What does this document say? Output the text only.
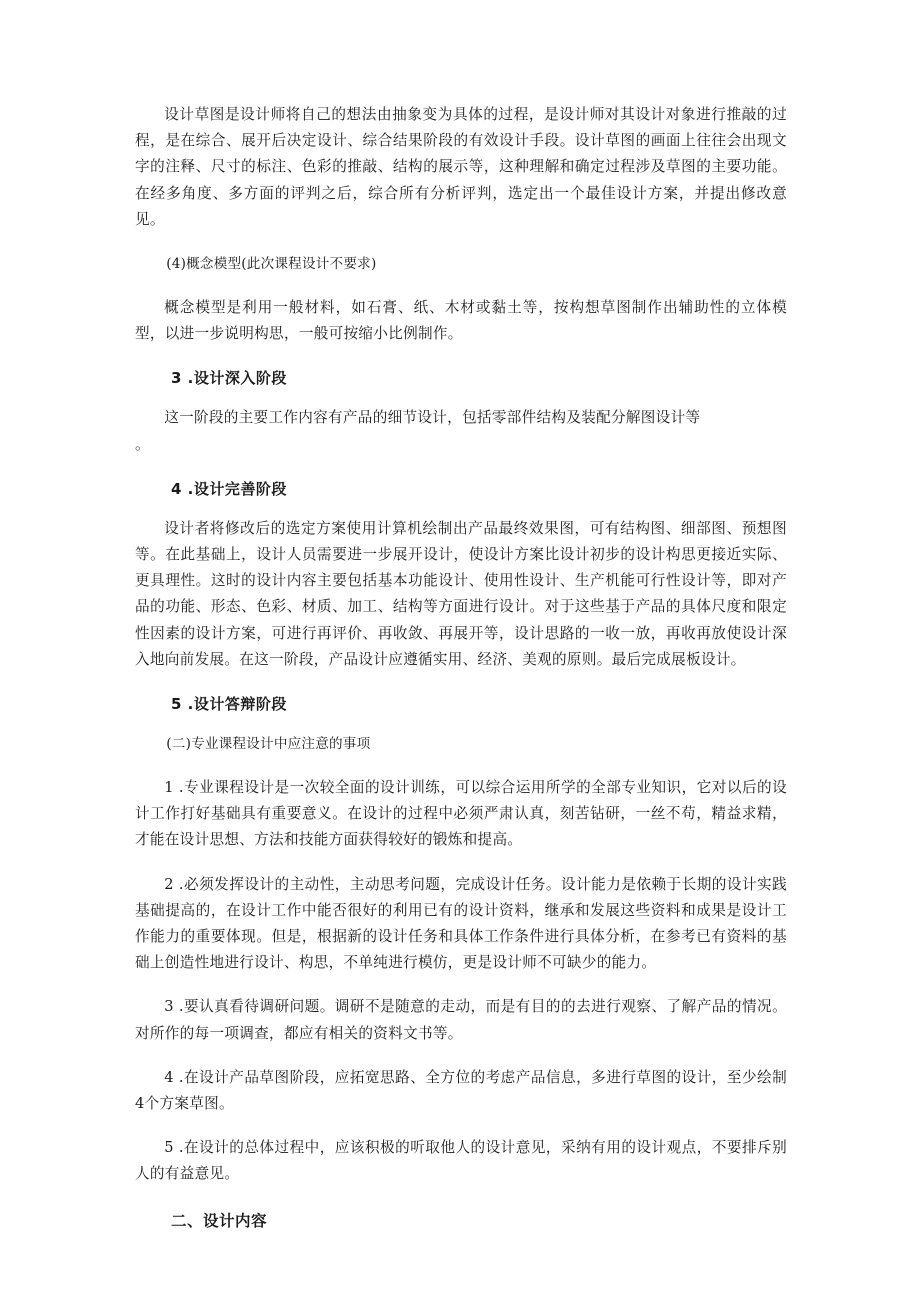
设计草图是设计师将自己的想法由抽象变为具体的过程，是设计师对其设计对象进行推敲的过程，是在综合、展开后决定设计、综合结果阶段的有效设计手段。设计草图的画面上往往会出现文字的注释、尺寸的标注、色彩的推敲、结构的展示等，这种理解和确定过程涉及草图的主要功能。在经多角度、多方面的评判之后，综合所有分析评判，选定出一个最佳设计方案，并提出修改意见。

(4)概念模型(此次课程设计不要求)

概念模型是利用一般材料，如石膏、纸、木材或黏土等，按构想草图制作出辅助性的立体模型，以进一步说明构思，一般可按缩小比例制作。

3 .设计深入阶段

这一阶段的主要工作内容有产品的细节设计，包括零部件结构及装配分解图设计等
。

4 .设计完善阶段

设计者将修改后的选定方案使用计算机绘制出产品最终效果图，可有结构图、细部图、预想图等。在此基础上，设计人员需要进一步展开设计，使设计方案比设计初步的设计构思更接近实际、更具理性。这时的设计内容主要包括基本功能设计、使用性设计、生产机能可行性设计等，即对产品的功能、形态、色彩、材质、加工、结构等方面进行设计。对于这些基于产品的具体尺度和限定性因素的设计方案，可进行再评价、再收敛、再展开等，设计思路的一收一放，再收再放使设计深入地向前发展。在这一阶段，产品设计应遵循实用、经济、美观的原则。最后完成展板设计。

5 .设计答辩阶段

(二)专业课程设计中应注意的事项

1 .专业课程设计是一次较全面的设计训练，可以综合运用所学的全部专业知识，它对以后的设计工作打好基础具有重要意义。在设计的过程中必须严肃认真，刻苦钻研，一丝不苟，精益求精，才能在设计思想、方法和技能方面获得较好的锻炼和提高。

2 .必须发挥设计的主动性，主动思考问题，完成设计任务。设计能力是依赖于长期的设计实践基础提高的，在设计工作中能否很好的利用已有的设计资料，继承和发展这些资料和成果是设计工作能力的重要体现。但是，根据新的设计任务和具体工作条件进行具体分析，在参考已有资料的基础上创造性地进行设计、构思，不单纯进行模仿，更是设计师不可缺少的能力。

3 .要认真看待调研问题。调研不是随意的走动，而是有目的的去进行观察、了解产品的情况。对所作的每一项调查，都应有相关的资料文书等。

4 .在设计产品草图阶段，应拓宽思路、全方位的考虑产品信息，多进行草图的设计，至少绘制4个方案草图。

5 .在设计的总体过程中，应该积极的听取他人的设计意见，采纳有用的设计观点，不要排斥别人的有益意见。

二、设计内容
